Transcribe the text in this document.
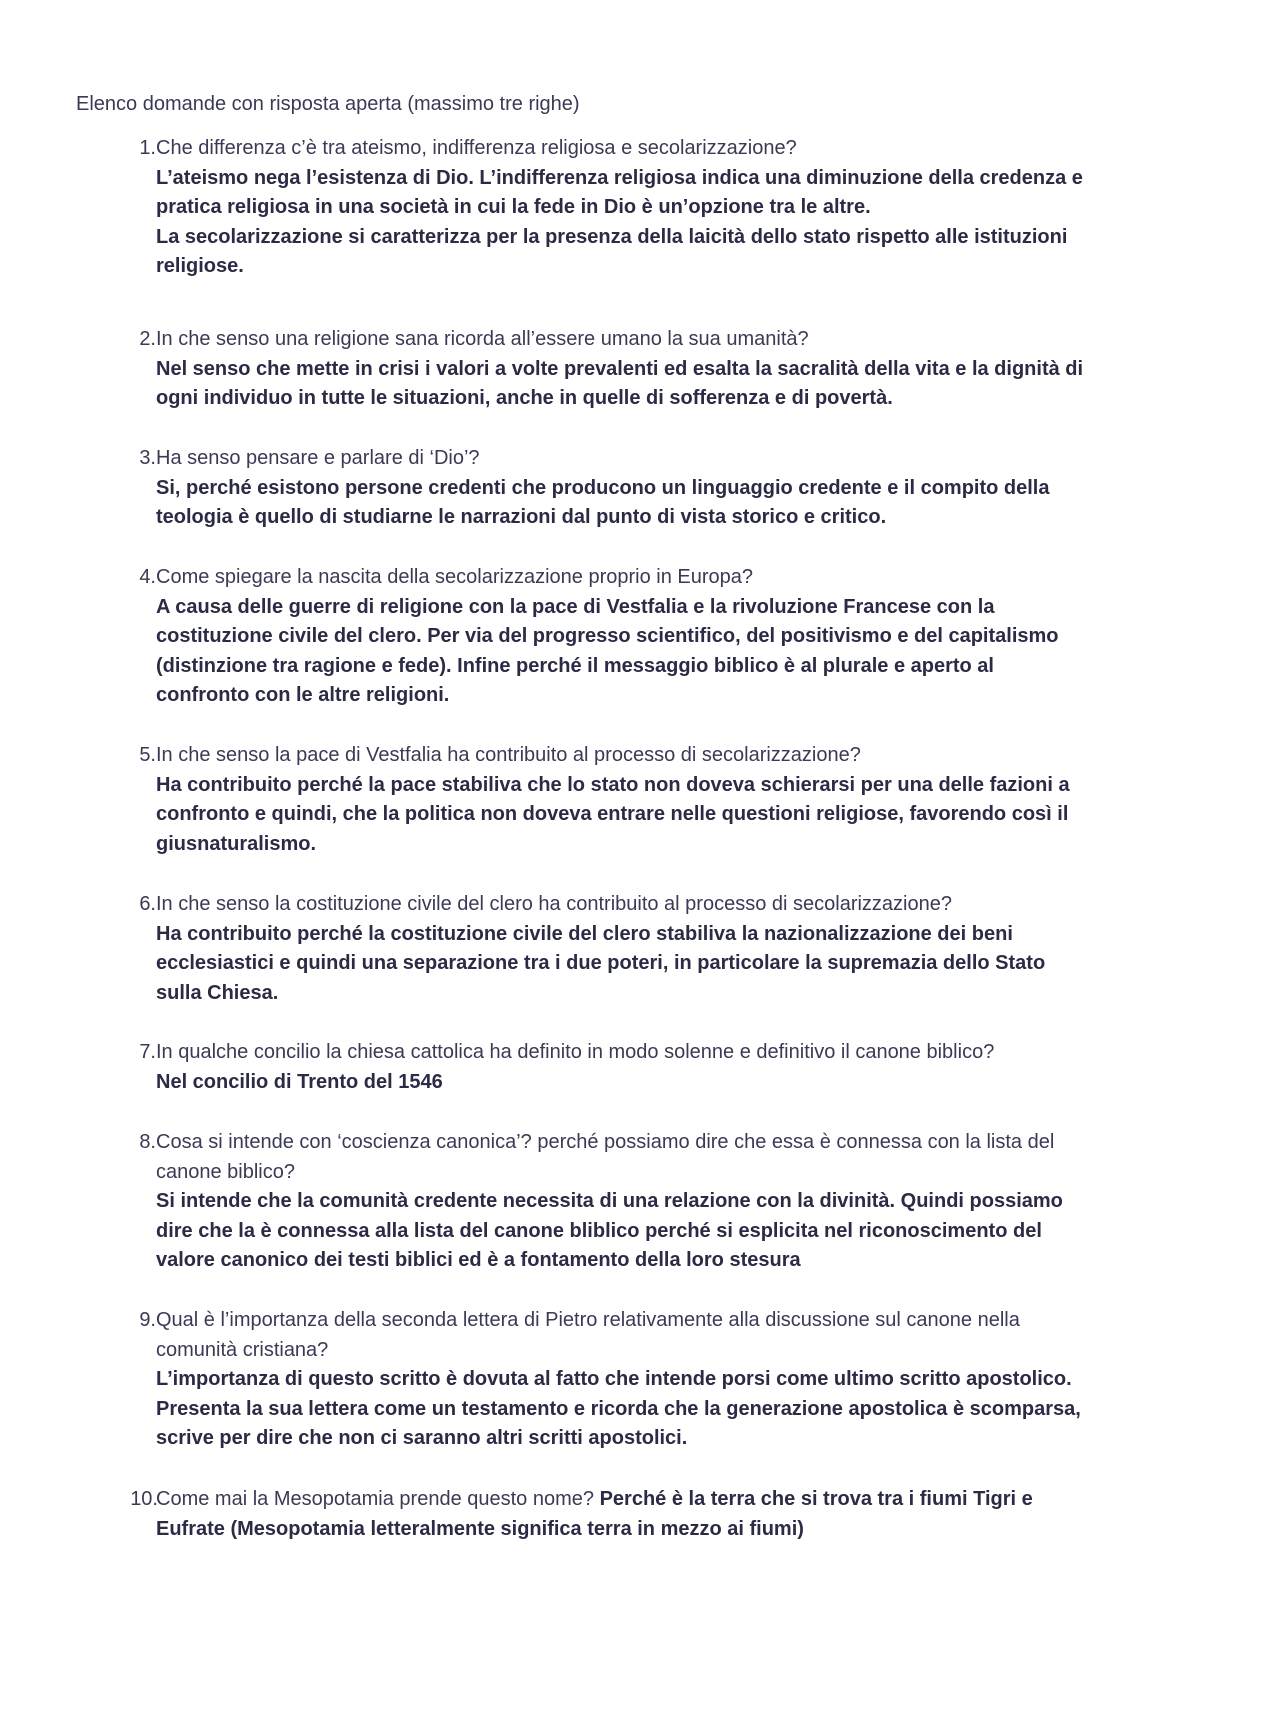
Elenco domande con risposta aperta (massimo tre righe)
1. Che differenza c’è tra ateismo, indifferenza religiosa e secolarizzazione?
L’ateismo nega l’esistenza di Dio. L’indifferenza religiosa indica una diminuzione della credenza e
pratica religiosa in una società in cui la fede in Dio è un’opzione tra le altre.
La secolarizzazione si caratterizza per la presenza della laicità dello stato rispetto alle istituzioni
religiose.
2. In che senso una religione sana ricorda all’essere umano la sua umanità?
Nel senso che mette in crisi i valori a volte prevalenti ed esalta la sacralità della vita e la dignità di
ogni individuo in tutte le situazioni, anche in quelle di sofferenza e di povertà.
3. Ha senso pensare e parlare di ‘Dio’?
Si, perché esistono persone credenti che producono un linguaggio credente e il compito della
teologia è quello di studiarne le narrazioni dal punto di vista storico e critico.
4. Come spiegare la nascita della secolarizzazione proprio in Europa?
A causa delle guerre di religione con la pace di Vestfalia e la rivoluzione Francese con la
costituzione civile del clero. Per via del progresso scientifico, del positivismo e del capitalismo
(distinzione tra ragione e fede). Infine perché il messaggio biblico è al plurale e aperto al
confronto con le altre religioni.
5. In che senso la pace di Vestfalia ha contribuito al processo di secolarizzazione?
Ha contribuito perché la pace stabiliva che lo stato non doveva schierarsi per una delle fazioni a
confronto e quindi, che la politica non doveva entrare nelle questioni religiose, favorendo così il
giusnaturalismo.
6. In che senso la costituzione civile del clero ha contribuito al processo di secolarizzazione?
Ha contribuito perché la costituzione civile del clero stabiliva la nazionalizzazione dei beni
ecclesiastici e quindi una separazione tra i due poteri, in particolare la supremazia dello Stato
sulla Chiesa.
7. In qualche concilio la chiesa cattolica ha definito in modo solenne e definitivo il canone biblico?
Nel concilio di Trento del 1546
8. Cosa si intende con ‘coscienza canonica’? perché possiamo dire che essa è connessa con la lista del
canone biblico?
Si intende che la comunità credente necessita di una relazione con la divinità. Quindi possiamo
dire che la è connessa alla lista del canone bliblico perché si esplicita nel riconoscimento del
valore canonico dei testi biblici ed è a fontamento della loro stesura
9. Qual è l’importanza della seconda lettera di Pietro relativamente alla discussione sul canone nella
comunità cristiana?
L’importanza di questo scritto è dovuta al fatto che intende porsi come ultimo scritto apostolico.
Presenta la sua lettera come un testamento e ricorda che la generazione apostolica è scomparsa,
scrive per dire che non ci saranno altri scritti apostolici.
10.
Come mai la Mesopotamia prende questo nome? Perché è la terra che si trova tra i fiumi Tigri e
Eufrate (Mesopotamia letteralmente significa terra in mezzo ai fiumi)
